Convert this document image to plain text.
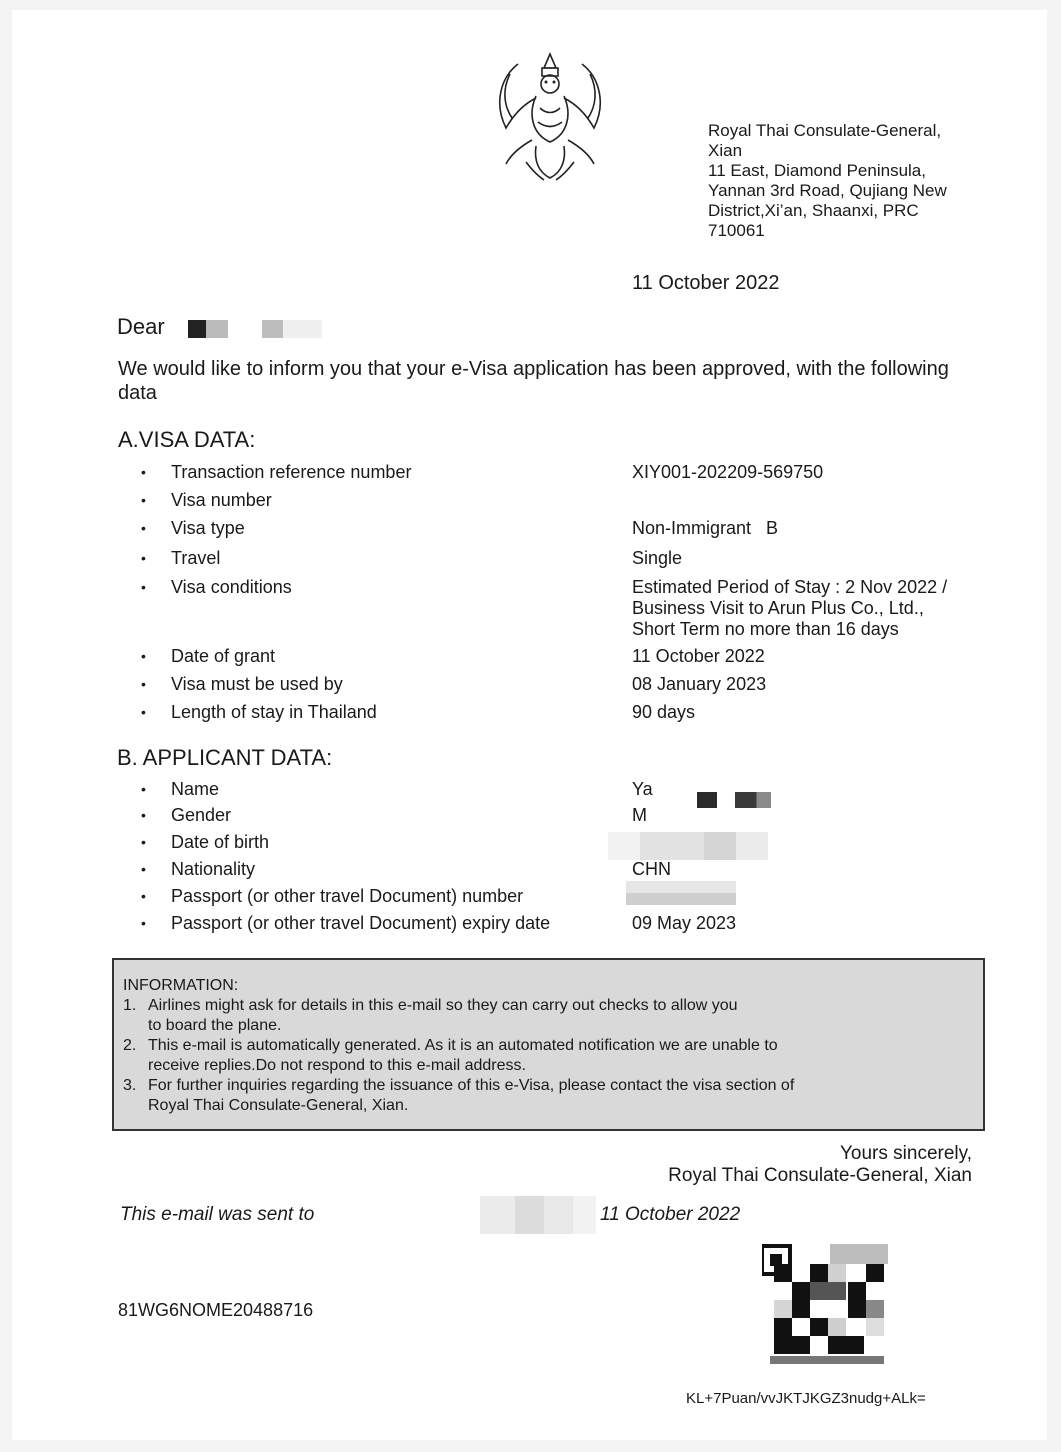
Royal Thai Consulate-General,
Xian
11 East, Diamond Peninsula,
Yannan 3rd Road, Qujiang New
District,Xi’an, Shaanxi, PRC
710061
11 October 2022
Dear
We would like to inform you that your e-Visa application has been approved, with the following data
A.VISA DATA:
• Transaction reference number	XIY001-202209-569750
• Visa number
• Visa type	Non-Immigrant   B
• Travel	Single
• Visa conditions	Estimated Period of Stay : 2 Nov 2022 /
Business Visit to Arun Plus Co., Ltd.,
Short Term no more than 16 days
• Date of grant	11 October 2022
• Visa must be used by	08 January 2023
• Length of stay in Thailand	90 days
B. APPLICANT DATA:
• Name	Ya
• Gender	M
• Date of birth
• Nationality	CHN
• Passport (or other travel Document) number
• Passport (or other travel Document) expiry date	09 May 2023
INFORMATION:
1. Airlines might ask for details in this e-mail so they can carry out checks to allow you
to board the plane.
2. This e-mail is automatically generated. As it is an automated notification we are unable to
receive replies.Do not respond to this e-mail address.
3. For further inquiries regarding the issuance of this e-Visa, please contact the visa section of
Royal Thai Consulate-General, Xian.
Yours sincerely,
Royal Thai Consulate-General, Xian
This e-mail was sent to	11 October 2022
81WG6NOME20488716
KL+7Puan/vvJKTJKGZ3nudg+ALk=
